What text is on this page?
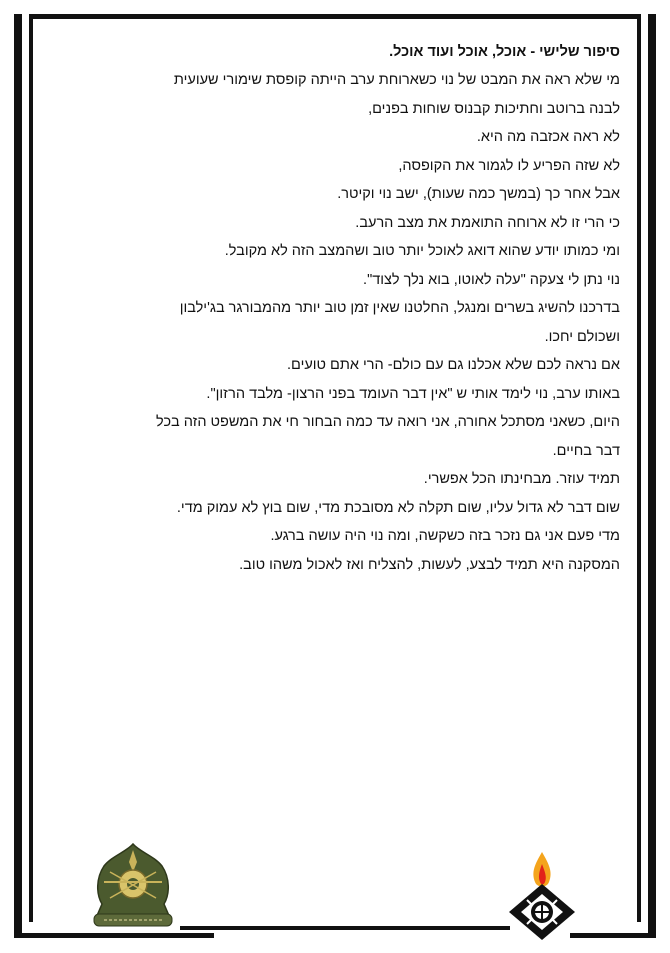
סיפור שלישי - אוכל, אוכל ועוד אוכל.

מי שלא ראה את המבט של נוי כשארוחת ערב הייתה קופסת שימורי שעועית

לבנה ברוטב וחתיכות קבנוס שוחות בפנים,

לא ראה אכזבה מה היא.

לא שזה הפריע לו לגמור את הקופסה,

אבל אחר כך (במשך כמה שעות), ישב נוי וקיטר.

כי הרי זו לא ארוחה התואמת את מצב הרעב.

ומי כמותו יודע שהוא דואג לאוכל יותר טוב ושהמצב הזה לא מקובל.

נוי נתן לי צעקה "עלה לאוטו, בוא נלך לצוד".

בדרכנו להשיג בשרים ומנגל, החלטנו שאין זמן טוב יותר מהמבורגר בג'ילבון

ושכולם יחכו.

אם נראה לכם שלא אכלנו גם עם כולם- הרי אתם טועים.

באותו ערב, נוי לימד אותי ש "אין דבר העומד בפני הרצון- מלבד הרזון".

היום, כשאני מסתכל אחורה, אני רואה עד כמה הבחור חי את המשפט הזה בכל

דבר בחיים.

תמיד עוזר. מבחינתו הכל אפשרי.

שום דבר לא גדול עליו, שום תקלה לא מסובכת מדי, שום בוץ לא עמוק מדי.

מדי פעם אני גם נזכר בזה כשקשה, ומה נוי היה עושה ברגע.

המסקנה היא תמיד לבצע, לעשות, להצליח ואז לאכול משהו טוב.
